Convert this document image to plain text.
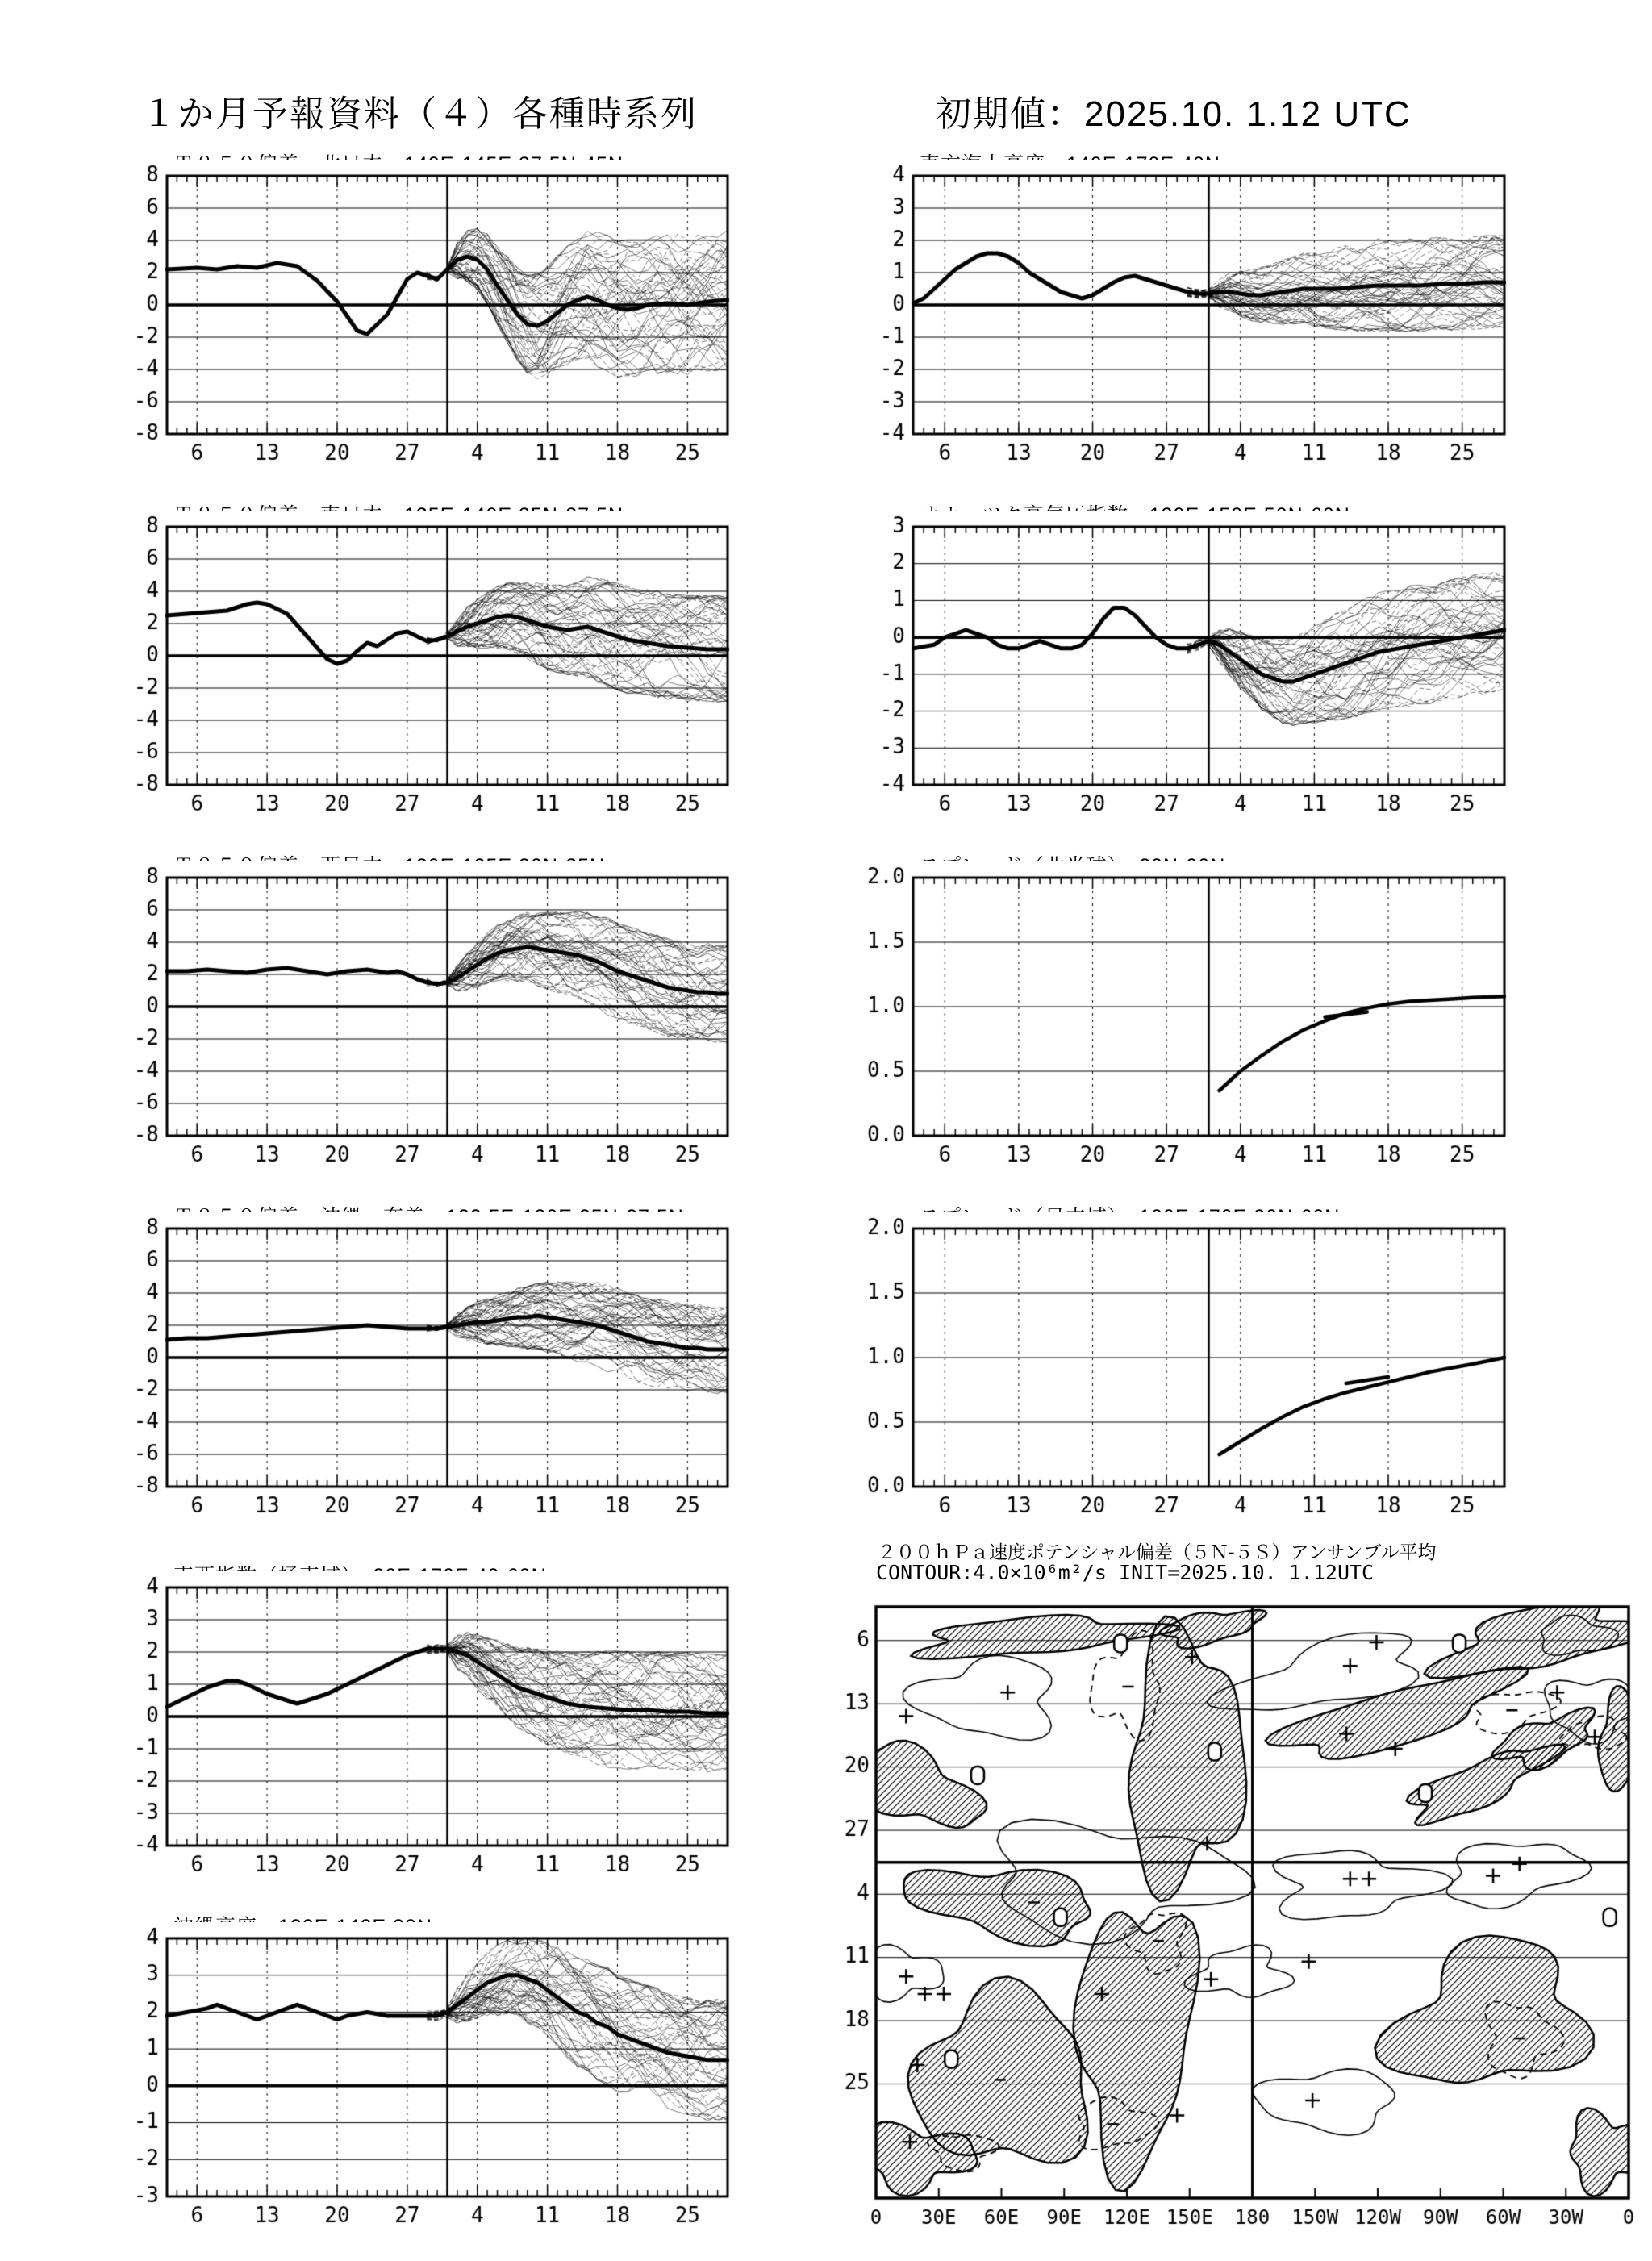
１か月予報資料（４）各種時系列	初期値：2025.10. 1.12 UTC
２００ｈＰａ速度ポテンシャル偏差（５Ｎ-５Ｓ）アンサンブル平均
CONTOUR:4.0×10⁶m²/s INIT=2025.10. 1.12UTC
